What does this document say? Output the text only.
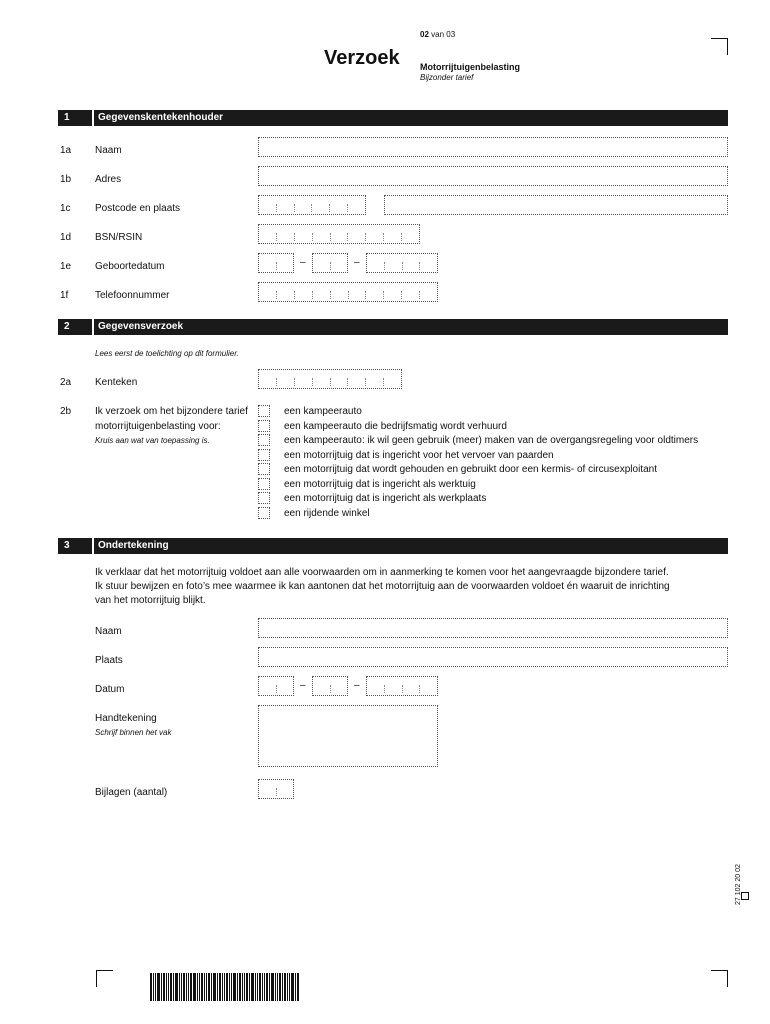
02 van 03
Verzoek Motorrijtuigenbelasting
Bijzonder tarief
1	Gegevenskentekenhouder
1a Naam
1b Adres
1c Postcode en plaats
1d BSN/RSIN
1e Geboortedatum	–	–
1f	Telefoonnummer
2	Gegevensverzoek
Lees eerst de toelichting op dit formulier.
2a Kenteken
2b Ik verzoek om het bijzondere tarief
motorrijtuigenbelasting voor:
Kruis aan wat van toepassing is.
een kampeerauto
een kampeerauto die bedrijfsmatig wordt verhuurd
een kampeerauto: ik wil geen gebruik (meer) maken van de overgangsregeling voor oldtimers
een motorrijtuig dat is ingericht voor het vervoer van paarden
een motorrijtuig dat wordt gehouden en gebruikt door een kermis- of circusexploitant
een motorrijtuig dat is ingericht als werktuig
een motorrijtuig dat is ingericht als werkplaats
een rijdende winkel
3	Ondertekening
Ik verklaar dat het motorrijtuig voldoet aan alle voorwaarden om in aanmerking te komen voor het aangevraagde bijzondere tarief.
Ik stuur bewijzen en foto’s mee waarmee ik kan aantonen dat het motorrijtuig aan de voorwaarden voldoet én waaruit de inrichting
van het motorrijtuig blijkt.
Naam
Plaats
Datum	–	–
Handtekening
Schrijf binnen het vak
Bijlagen (aantal)
27 102 20 02
